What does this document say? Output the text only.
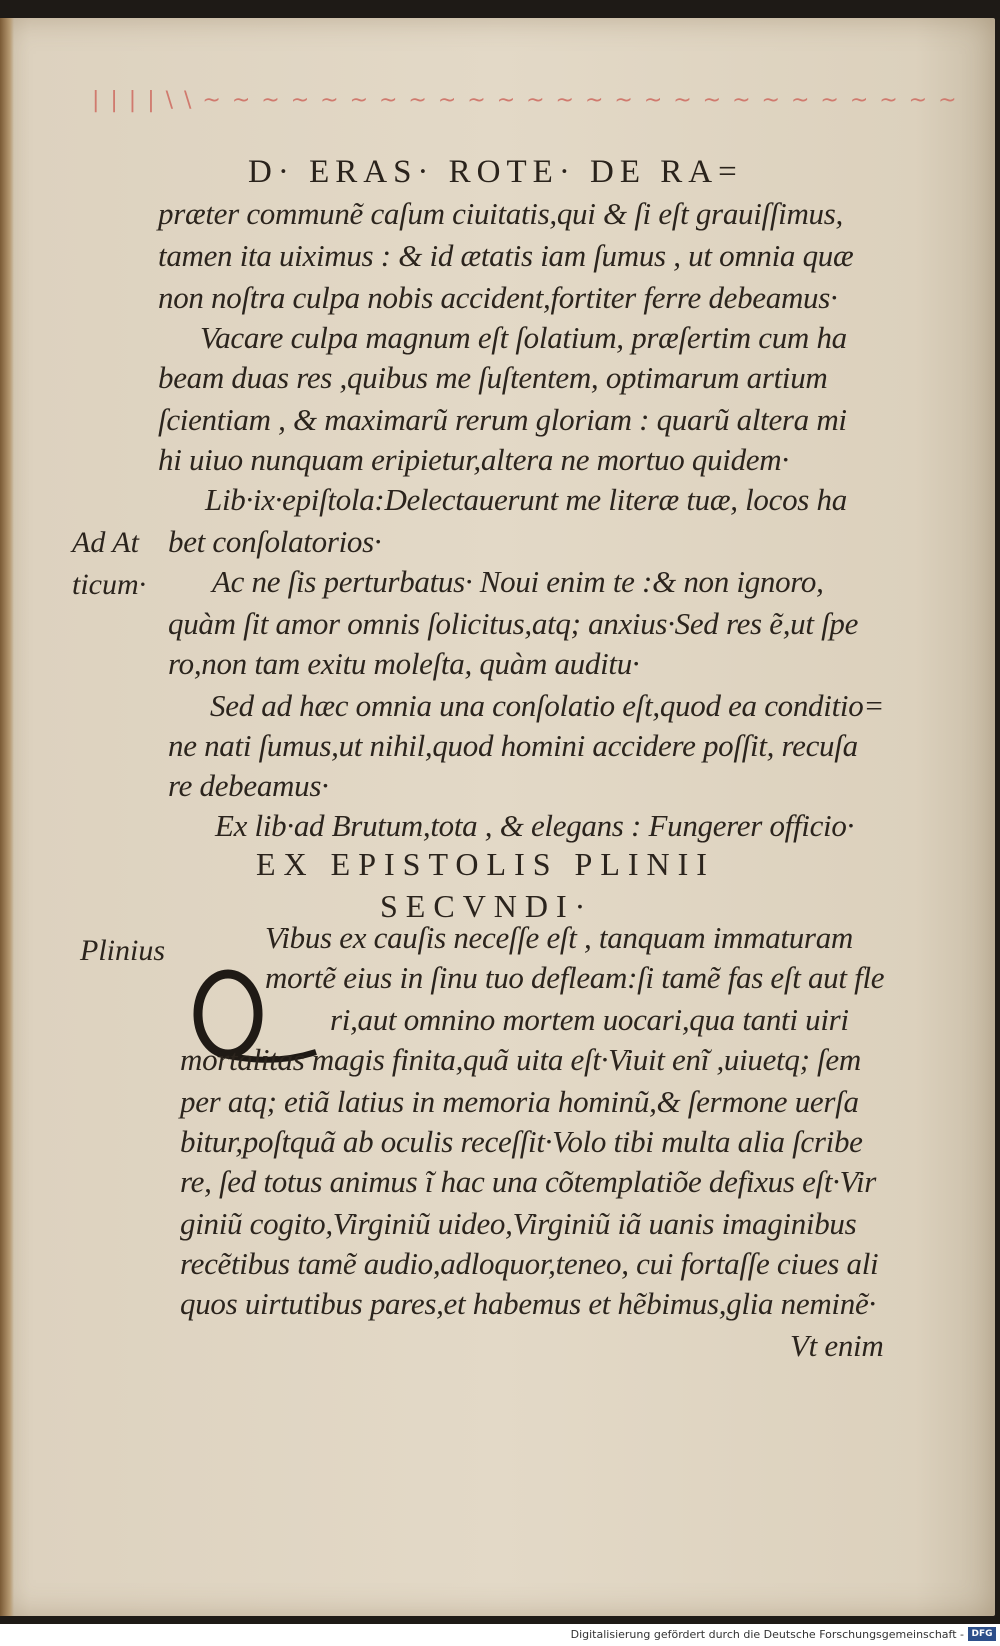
| | | | \ \ ~ ~ ~ ~ ~ ~ ~ ~ ~ ~ ~ ~ ~ ~ ~ ~ ~ ~ ~ ~ ~ ~ ~ ~ ~ ~
D· ERAS· ROTE· DE RA=
præter communẽ caſum ciuitatis,qui & ſi eſt grauiſſimus,
tamen ita uiximus : & id ætatis iam ſumus , ut omnia quæ
non noſtra culpa nobis accident,fortiter ferre debeamus·
Vacare culpa magnum eſt ſolatium, præſertim cum ha
beam duas res ,quibus me ſuſtentem, optimarum artium
ſcientiam , & maximarũ rerum gloriam : quarũ altera mi
hi uiuo nunquam eripietur,altera ne mortuo quidem·
Lib·ix·epiſtola:Delectauerunt me literæ tuæ, locos ha
bet conſolatorios·
Ac ne ſis perturbatus· Noui enim te :& non ignoro,
quàm ſit amor omnis ſolicitus,atq; anxius·Sed res ẽ,ut ſpe
ro,non tam exitu moleſta, quàm auditu·
Sed ad hæc omnia una conſolatio eſt,quod ea conditio=
ne nati ſumus,ut nihil,quod homini accidere poſſit, recuſa
re debeamus·
Ex lib·ad Brutum,tota , & elegans : Fungerer officio·
Ad At
ticum·
EX EPISTOLIS PLINII
SECVNDI·
Plinius	Vibus ex cauſis neceſſe eſt , tanquam immaturam
mortẽ eius in ſinu tuo defleam:ſi tamẽ fas eſt aut fle
ri,aut omnino mortem uocari,qua tanti uiri
mortalitas magis finita,quã uita eſt·Viuit enĩ ,uiuetq; ſem
per atq; etiã latius in memoria hominũ,& ſermone uerſa
bitur,poſtquã ab oculis receſſit·Volo tibi multa alia ſcribe
re, ſed totus animus ĩ hac una cõtemplatiõe defixus eſt·Vir
giniũ cogito,Virginiũ uideo,Virginiũ iã uanis imaginibus
recẽtibus tamẽ audio,adloquor,teneo, cui fortaſſe ciues ali
quos uirtutibus pares,et habemus et hẽbimus,glia neminẽ·
Vt enim
Digitalisierung gefördert durch die Deutsche Forschungsgemeinschaft - DFG
